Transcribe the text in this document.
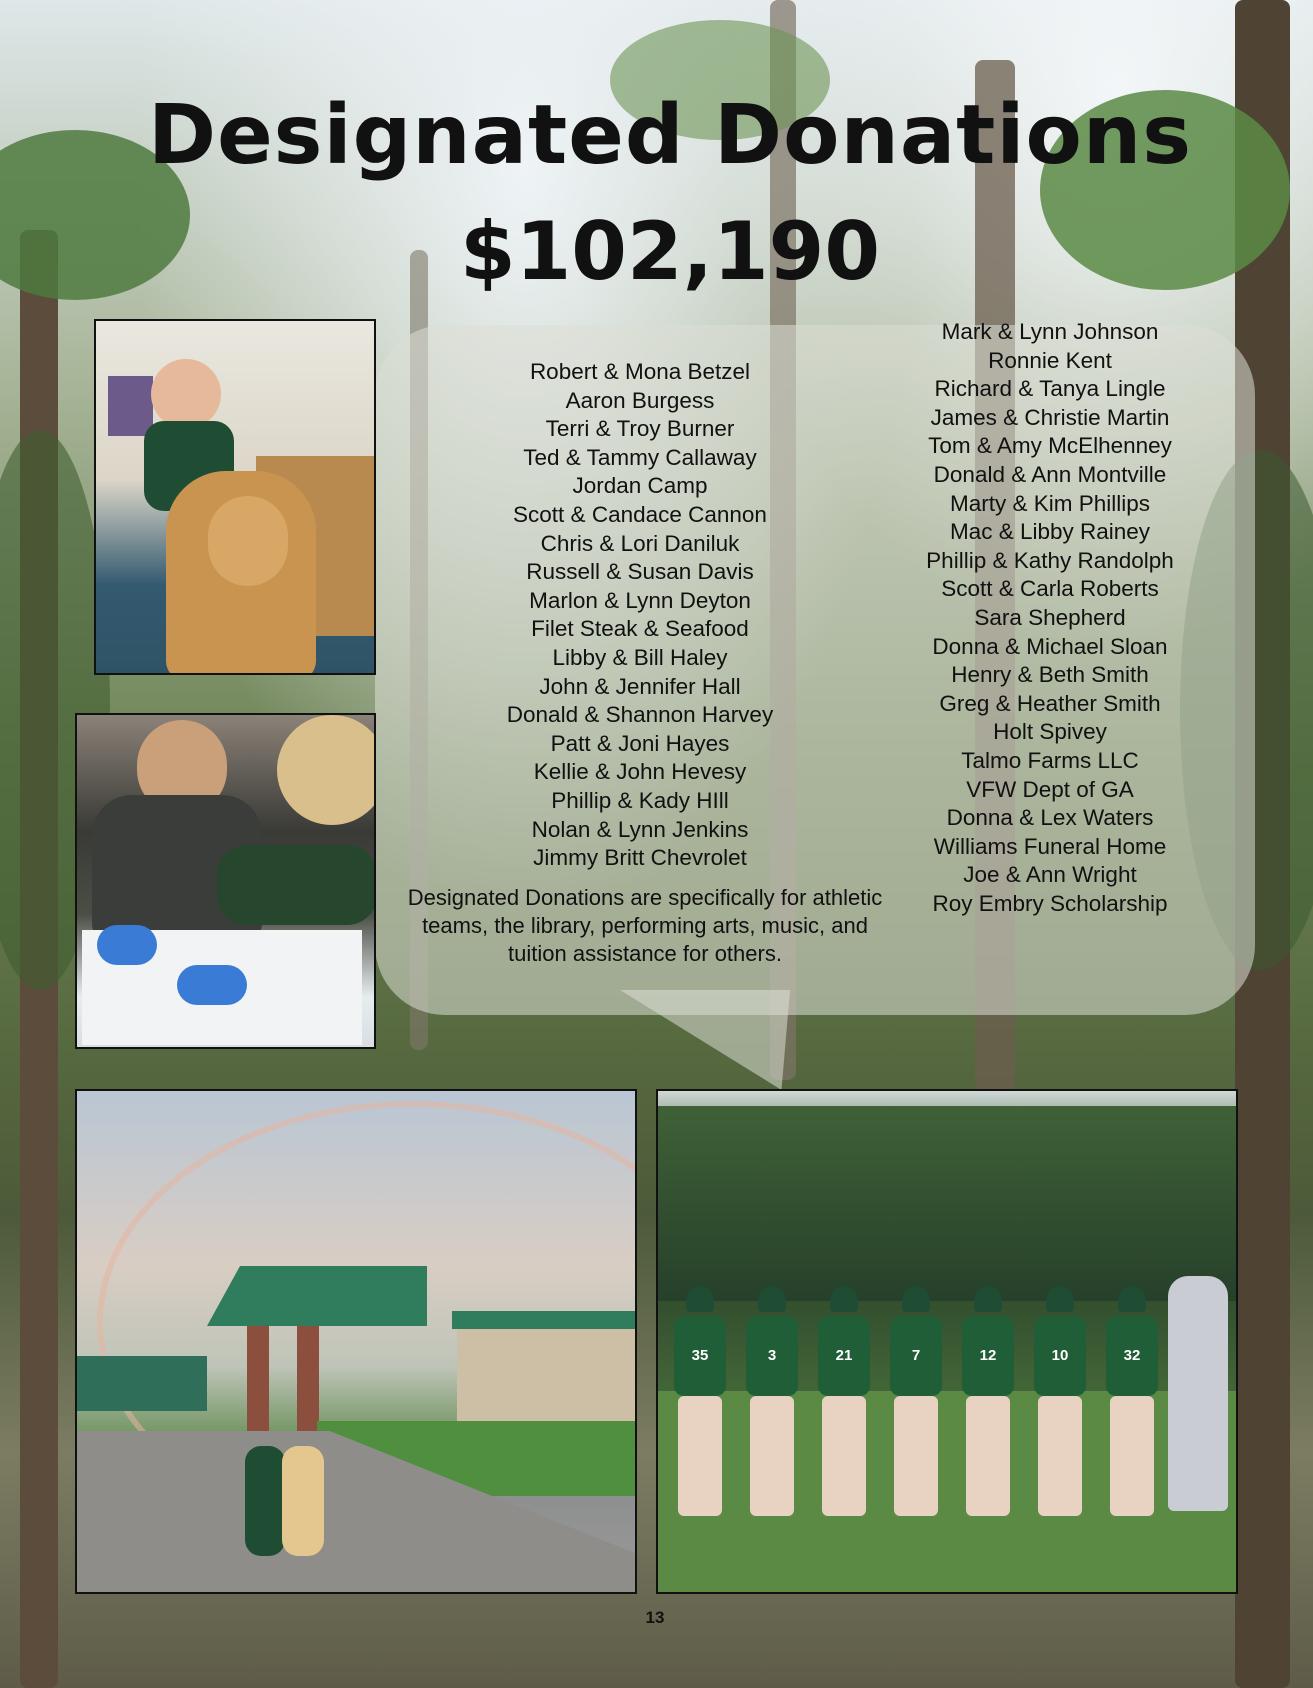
Designated Donations

$102,190

Robert & Mona Betzel
Aaron Burgess
Terri & Troy Burner
Ted & Tammy Callaway
Jordan Camp
Scott & Candace Cannon
Chris & Lori Daniluk
Russell & Susan Davis
Marlon & Lynn Deyton
Filet Steak & Seafood
Libby & Bill Haley
John & Jennifer Hall
Donald & Shannon Harvey
Patt & Joni Hayes
Kellie & John Hevesy
Phillip & Kady HIll
Nolan & Lynn Jenkins
Jimmy Britt Chevrolet
Mark & Lynn Johnson
Ronnie Kent
Richard & Tanya Lingle
James & Christie Martin
Tom & Amy McElhenney
Donald & Ann Montville
Marty & Kim Phillips
Mac & Libby Rainey
Phillip & Kathy Randolph
Scott & Carla Roberts
Sara Shepherd
Donna & Michael Sloan
Henry & Beth Smith
Greg & Heather Smith
Holt Spivey
Talmo Farms LLC
VFW Dept of GA
Donna & Lex Waters
Williams Funeral Home
Joe & Ann Wright
Roy Embry Scholarship

Designated Donations are specifically for athletic teams, the library, performing arts, music, and tuition assistance for others.

35	3	21	7	12	10	32

13
